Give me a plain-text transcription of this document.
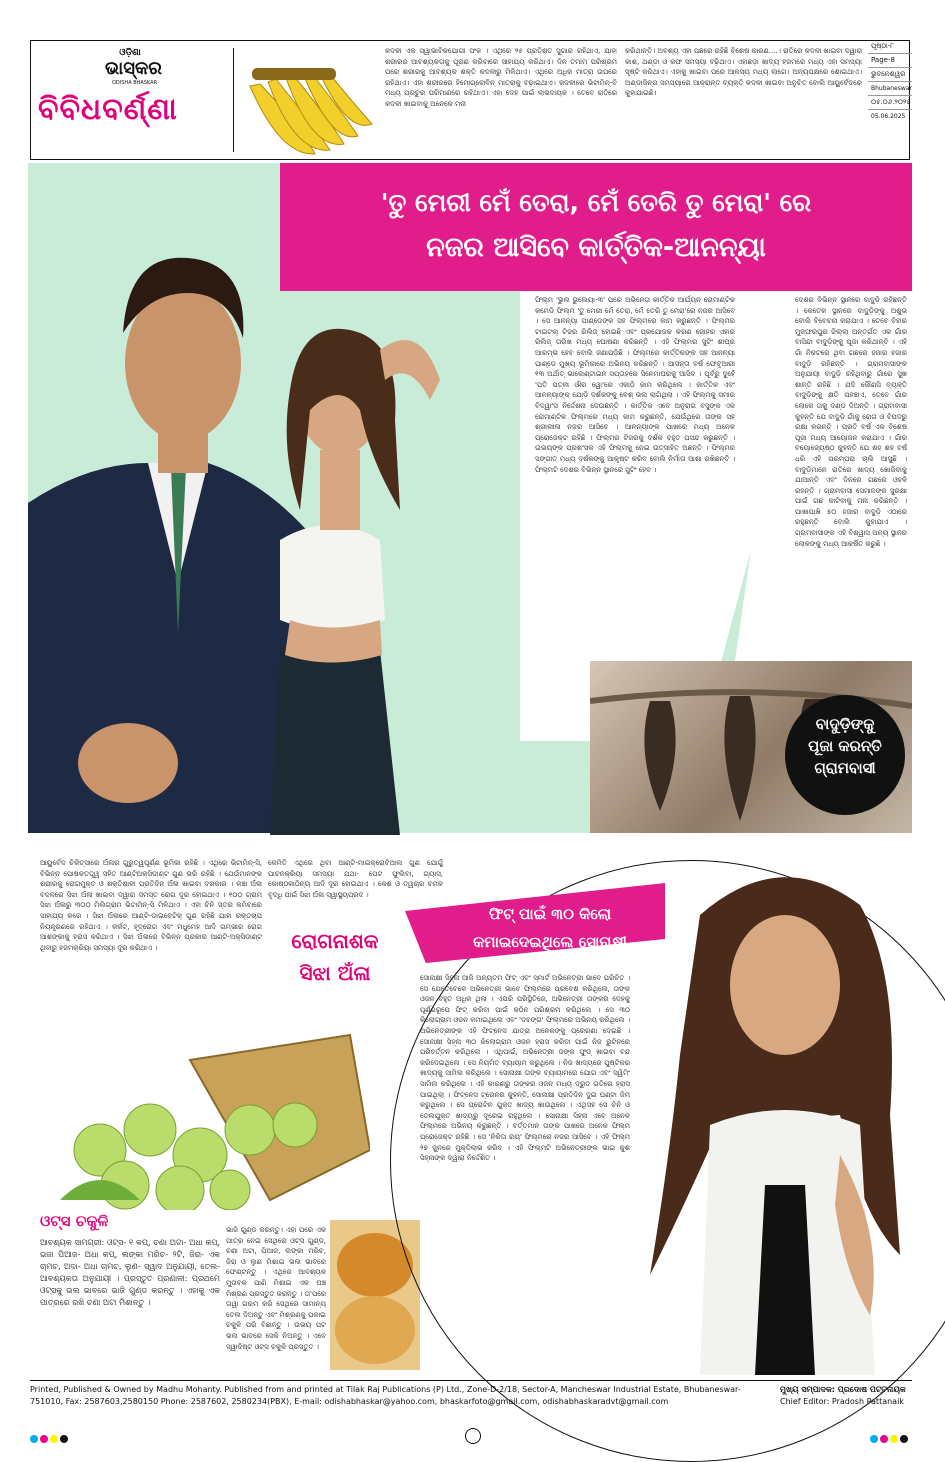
ଓଡ଼ିଶା
ଭାସ୍କର
ODISHA BHASKAR
ବିବିଧବର୍ଣ୍ଣା
କଦଳୀ ଏକ ସ୍ୱାଭାବିକଯୋଗୀ ଫଳ । ଏଥିରେ ୨୫ ପ୍ରତିଶତ ସୁଗାର ରହିଥାଏ, ଯାହା ଶରୀରର ଆବଶ୍ୟକତାକୁ ପୂରଣ କରିବାରେ ସାହାଯ୍ୟ କରିଥାଏ। ଦିନ ତମାମ ପରିଶ୍ରମ ପରେ ଶରୀରକୁ ଆବଶ୍ୟକ ଶକ୍ତି କଦଳୀରୁ ମିଳିଥାଏ। ଏଥିରେ ଅଧିକ ମାତ୍ରା ଉପରେ ରହିଥାଏ। ଏହା ଶରୀରରେ ହିମୋଗ୍ଲୋବିନ୍ ମାତ୍ରାକୁ ବଢ଼ାଇଥାଏ। କଦଳୀରେ ଭିଟାମିନ୍-ବି ମଧ୍ୟ ପ୍ରଚୁର ପରିମାଣରେ ରହିଥାଏ। ଏହା ଦେହ ପାଇଁ ଲାଭଦାୟକ । ତେବେ ରାତିରେ କଦଳୀ ଖାଇବାକୁ ଅନେକେ ମନା
କରିଥାନ୍ତି। ଅବଶ୍ୟ ଏହା ପଛରେ ରହିଛି ବିଶେଷ କାରଣ....। ରାତିରେ କଦଳୀ ଖାଇବା ଦ୍ୱାରା କାଶ, ଥଣ୍ଡା ଓ କଫ ସମସ୍ୟା ବଢ଼ିଥାଏ। ଏହାଛଡ଼ା ଖାଦ୍ୟ ହଜମରେ ମଧ୍ୟ ଏହା ସମସ୍ୟା ସୃଷ୍ଟି କରିଥାଏ। ଏହାକୁ ଖାଇବା ପରେ ଆଳସ୍ୟ ମଧ୍ୟ ଲାଗେ। ଅନ୍ୟପକ୍ଷରେ ଶୋଇଥାଏ। ଅଣ୍ଡାଜିନ୍‌ର ସମସ୍ୟାରେ ଆକ୍ରାନ୍ତ ବ୍ୟକ୍ତି କଦଳୀ ଖାଇବା ଅନୁଚିତ ବୋଲି ଆୟୁର୍ବେଦରେ କୁହାଯାଇଛି।
ପୃଷ୍ଠା-୮
Page-8
ଭୁବନେଶ୍ୱର
Bhubaneswar
୦୫.୦୬.୨୦୨୫
05.06.2025
'ତୁ ମେରୀ ମେଁ ତେରା, ମେଁ ତେରି ତୁ ମେରା' ରେ
ନଜର ଆସିବେ କାର୍ତ୍ତିକ-ଆନନ୍ୟା
ଫିଲ୍ମ 'ଭୁଲ ଭୁଲେୟା-୩' ପରେ ଅଭିନେତା କାର୍ତ୍ତିକ ଆର୍ଯ୍ୟନ ରୋମାଣ୍ଟିକ କମେଡି ଫିଲ୍ମ 'ତୁ ମେରୀ ମେଁ ତେରା, ମେଁ ତେରି ତୁ ମେରା'ରେ ନଜର ଆସିବେ । ସେ ଆନନ୍ୟା ପାଣ୍ଡେଙ୍କ ସହ ଫିଲ୍ମରେ କାମ କରୁଛନ୍ତି । ଫିଲ୍ମର ଟାଇଟଲ୍ ଟିଜର ରିଲିଜ୍ ହୋଇଛି ଏବଂ ପ୍ରଯୋଜକ କରଣ ଜୋହର ଏହାର ରିଲିଜ୍ ତାରିଖ ମଧ୍ୟ ଘୋଷଣା କରିଛନ୍ତି । ଏହି ଫିଲ୍ମର ସୁଟିଂ ଶୀଘ୍ର ଆରମ୍ଭ ହେବ ବୋଲି ଜଣାପଡ଼ିଛି । ଫିଲ୍ମରେ କାର୍ତ୍ତିକଙ୍କ ସହ ଆନନ୍ୟା ପାଣ୍ଡେ ମୁଖ୍ୟ ଭୂମିକାରେ ଅଭିନୟ କରିଛନ୍ତି । ଆସନ୍ତା ବର୍ଷ ଫେବୃଆରୀ ୧୩ ଅର୍ଥାତ୍ ଭାଲେଣ୍ଟାଇନ ସପ୍ତାହରେ ସିନେମାଘରକୁ ଆସିବ । ପୂର୍ବରୁ ଦୁହେଁ 'ପତି ପତ୍ନୀ ଔର ୱୋ'ରେ ଏକାଠି କାମ କରିଥିଲେ । କାର୍ତ୍ତିକ ଏବଂ ଆନନ୍ୟାଙ୍କ ଯୋଡ଼ି ଦର୍ଶକଙ୍କୁ ବେଶ୍ ଭଲ ଲାଗିଥିଲା । ଏହି ଫିଲ୍ମକୁ ସମୀର ବିଦ୍ୱାଂସ ନିର୍ଦ୍ଦେଶନା ଦେଉଛନ୍ତି । କାର୍ତ୍ତିକ ଏବେ ଅନୁରାଗ ବସୁଙ୍କ ଏକ ରୋମାଣ୍ଟିକ ଫିଲ୍ମରେ ମଧ୍ୟ କାମ କରୁଛନ୍ତି, ଯେଉଁଥିରେ ତାଙ୍କ ସହ ଶ୍ରୀଲୀଳା ନଜର ଆସିବେ । ଆନନ୍ୟାଙ୍କ ପାଖରେ ମଧ୍ୟ ଅନେକ ପ୍ରୋଜେକ୍ଟ ରହିଛି । ଫିଲ୍ମର ଟିଜରକୁ ଦର୍ଶକ ବହୁତ ପସନ୍ଦ କରୁଛନ୍ତି । ଉଭୟଙ୍କ ପ୍ରଶଂସକ ଏହି ଫିଲ୍ମକୁ ନେଇ ଉତ୍ସାହିତ ଅଛନ୍ତି । ଫିଲ୍ମର ସଙ୍ଗୀତ ମଧ୍ୟ ଦର୍ଶକଙ୍କୁ ଆକୃଷ୍ଟ କରିବ ବୋଲି ନିର୍ମାତା ଆଶା ରଖିଛନ୍ତି । ଫିଲ୍ମଟି ଦେଶର ବିଭିନ୍ନ ସ୍ଥାନରେ ସୁଟିଂ ହେବ ।
ଦେଶର ବିଭିନ୍ନ ସ୍ଥାନରେ ବାଦୁଡ଼ି ରହିଛନ୍ତି । କେତେକ ସ୍ଥାନରେ ବାଦୁଡ଼ିଙ୍କୁ ଅଶୁଭ ବୋଲି ବିବେଚନା କରାଯାଏ । ତେବେ ବିହାର ମୁଜଫରପୁର ଜିଲ୍ଲା ଅନ୍ତର୍ଗତ ଏକ ଗାଁର ବାସିନ୍ଦା ବାଦୁଡ଼ିଙ୍କୁ ପୂଜା କରିଥାନ୍ତି । ଏହି ଗାଁ ନିକଟରେ ଥିବା ଗଛରେ ହଜାର ହଜାର ବାଦୁଡ଼ି ରହିଛନ୍ତି । ଗ୍ରାମବାସୀଙ୍କ ଅନୁଯାୟୀ ବାଦୁଡ଼ି ରହିଥିବାରୁ ଗାଁରେ ସୁଖ ଶାନ୍ତି ରହିଛି । ଯଦି କୌଣସି ବ୍ୟକ୍ତି ବାଦୁଡ଼ିଙ୍କୁ କ୍ଷତି ପହଞ୍ଚାଏ, ତେବେ ଗାଁର ଲୋକେ ତାକୁ ଦଣ୍ଡ ଦିଅନ୍ତି । ଗ୍ରାମବାସୀ କୁହନ୍ତି ଯେ ବାଦୁଡ଼ି ଗାଁକୁ ରୋଗ ଓ ବିପଦରୁ ରକ୍ଷା କରନ୍ତି । ପ୍ରତି ବର୍ଷ ଏକ ବିଶେଷ ପୂଜା ମଧ୍ୟ ଆୟୋଜନ କରାଯାଏ । ଗାଁର ବୟୋଜ୍ୟେଷ୍ଠ କୁହନ୍ତି ଯେ ଶହ ଶହ ବର୍ଷ ଧରି ଏହି ପରମ୍ପରା ଚାଲି ଆସୁଛି । ବାଦୁଡ଼ିମାନେ ରାତିରେ ଖାଦ୍ୟ ଖୋଜିବାକୁ ଯାଆନ୍ତି ଏବଂ ଦିନରେ ଗଛରେ ଓହଳି ରହନ୍ତି । ଗ୍ରାମବାସୀ ସେମାନଙ୍କ ସୁରକ୍ଷା ପାଇଁ ଗଛ କାଟିବାକୁ ମନା କରିଛନ୍ତି । ପାଖାପାଖି ୫୦ ହଜାର ବାଦୁଡ଼ି ଏଠାରେ ରହୁଛନ୍ତି ବୋଲି କୁହାଯାଏ । ଗ୍ରାମବାସୀଙ୍କ ଏହି ବିଶ୍ୱାସ ଅନ୍ୟ ସ୍ଥାନର ଲୋକଙ୍କୁ ମଧ୍ୟ ଆକର୍ଷିତ କରୁଛି ।
ବାଦୁଡ଼ିଙ୍କୁ
ପୂଜା କରନ୍ତି
ଗ୍ରାମବାସୀ
ଆୟୁର୍ବେଦ ଚିକିତ୍ସାରେ ଅଁଳାର ଗୁରୁତ୍ୱପୂର୍ଣ୍ଣ ଭୂମିକା ରହିଛି । ଏଥିରେ ଭିଟାମିନ୍-ସି, ବିଭିନ୍ନ ପୋଷକତତ୍ତ୍ୱ ସହିତ ଆଣ୍ଟିଅକ୍ସିଡାଣ୍ଟ ଗୁଣ ଭରି ରହିଛି । ଯେଉଁମାନଙ୍କ ଶରୀରକୁ ରୋଗମୁକ୍ତ ଓ ଶକ୍ତିଶାଳୀ ପ୍ରତିଦିନ ଅଁଳା ଖାଇବା ଦରକାର । କଞ୍ଚା ଅଁଳା ବଦଳରେ ସିଝା ଅଁଳା ଖାଇବା ଦ୍ୱାରା ସମସ୍ତ ରୋଗ ଦୂର ହୋଇଥାଏ । ୧୦୦ ଗ୍ରାମ ସିଝା ଅଁଳାରୁ ୩୦୦ ମିଲିଗ୍ରାମ ଭିଟାମିନ୍-ସି ମିଳିଥାଏ । ଏହା ଚିନି ସ୍ତର କମିବାରେ ସାହାଯ୍ୟ କରେ । ସିଝା ଅଁଳାରେ ଆଣ୍ଟି-ଡାଇବେଟିକ୍ ଗୁଣ ରହିଛି ଯାହା ରକ୍ତଚାପ ନିୟନ୍ତ୍ରଣରେ ରହିଥାଏ । କର୍କଟ, ହୃଦ୍‌ରୋଗ ଏବଂ ମଧୁମେହ ଆଦି ଗମ୍ଭୀର ରୋଗ ଆଶଙ୍କାକୁ ହ୍ରାସ କରିଥାଏ । ସିଝା ଅଁଳାରେ ବିଭିନ୍ନ ପ୍ରକାର ଆଣ୍ଟି-ଅକ୍ସିଡାଣ୍ଟ ଥିବାରୁ ହଜମକ୍ରିୟା ସମସ୍ୟା ଦୂର କରିଥାଏ ।
କେମିତି ଏଥିରେ ଥିବା ଆଣ୍ଟି-ମାଇକ୍ରୋବିଆଲ ଗୁଣ ଯୋଗୁଁ ପାଚନକ୍ରିୟା ସମସ୍ୟା ଯଥା- ପେଟ ଫୁଲିବା, ଗ୍ୟାସ, କୋଷ୍ଠକାଠିନ୍ୟ ଆଦି ଦୂର ହୋଇଥାଏ । କେଶ ଓ ତ୍ୱଚାର ଚମକ ବୃଦ୍ଧି ପାଇଁ ସିଝା ଅଁଳା ସ୍ୱାସ୍ଥ୍ୟପ୍ରଦ ।
ରୋଗନାଶକ
ସିଝା ଅଁଳା
ଓଟ୍ସ ଚକୁଳି
ଆବଶ୍ୟକ ସାମଗ୍ରୀ: ଓଟ୍ସ- ୧ କପ୍, ଚଣା ଅଟା- ଅଧା କପ୍, ଭଜା ପିଆଜ- ଅଧା କପ୍, ଲଙ୍କା ମରିଚ- ୨ଟି, ଜିରା- ଏକ ଚାମଚ, ଅଦା- ଅଧା ଚାମଚ, ଲୁଣ- ସ୍ୱାଦ ଅନୁଯାୟୀ, ତେଲ- ଆବଶ୍ୟକତା ଅନୁଯାୟୀ । ପ୍ରସ୍ତୁତ ପ୍ରଣାଳୀ: ପ୍ରଥମେ ଓଟ୍ସକୁ ଭଲ ଭାବରେ ଭାଜି ଗୁଣ୍ଡ କରନ୍ତୁ । ଏହାକୁ ଏକ ପାତ୍ରରେ ରଖି ଚଣା ଅଟା ମିଶାନ୍ତୁ ।
ଭାଜି ଗୁଣ୍ଡ କରନ୍ତୁ। ଏହା ପରେ ଏକ ପାତ୍ର ନେଇ ସେଥିରେ ଓଟ୍ସ ଗୁଣ୍ଡ, ଚଣା ଅଟା, ପିଆଜ, ଲଙ୍କା ମରିଚ, ଜିରା ଓ ଲୁଣ ମିଶାଇ ଭଲ ଭାବରେ ଫେଣ୍ଟନ୍ତୁ । ଏଥିରେ ଆବଶ୍ୟକ ମୁତାବକ ପାଣି ମିଶାଇ ଏକ ଘଞ୍ଚ ମିଶ୍ରଣ ପ୍ରସ୍ତୁତ କରନ୍ତୁ । ତା'ପରେ ତାୱା ଗରମ କରି ସେଥିରେ ସାମାନ୍ୟ ତେଲ ଦିଅନ୍ତୁ ଏବଂ ମିଶ୍ରଣକୁ ପକାଇ ଚକୁଳି ପରି ବିଛାନ୍ତୁ । ଉଭୟ ପଟ ଭଲ ଭାବରେ ସେକି ନିଅନ୍ତୁ । ଏବେ ସ୍ୱାଦିଷ୍ଟ ଓଟ୍ସ ଚକୁଳି ପ୍ରସ୍ତୁତ ।
ଫିଟ୍ ପାଇଁ ୩୦ କିଲୋ
କମାଇଦେଇଥିଲେ ସୋନାକ୍ଷୀ
ସୋନାକ୍ଷୀ ସିହ୍ନା ଆଜି ଅନ୍ୟତମ ଫିଟ୍ ଏବଂ ସ୍ମାର୍ଟ ଅଭିନେତ୍ରୀ ଭାବେ ପରିଚିତ । ସେ ଯେତେବେଳେ ଅଭିନେତ୍ରୀ ଭାବେ ଫିଲ୍ମରେ ପ୍ରବେଶ କରିଥିଲେ, ତାଙ୍କ ଓଜନ ବହୁତ ଅଧିକ ଥିଲା । ଏପରି ପରିସ୍ଥିତିରେ, ଅଭିନେତ୍ରୀ ତାଙ୍କର ଦେହକୁ ପୂର୍ଣ୍ଣରୂପେ ଫିଟ୍ କରିବା ପାଇଁ କଠିନ ପରିଶ୍ରମ କରିଥିଲେ । ସେ ୩୦ କିଲୋଗ୍ରାମ ଓଜନ କମାଇଥିଲେ ଏବଂ 'ଦବଙ୍ଗ' ଫିଲ୍ମରେ ଅଭିନୟ କରିଥିଲେ । ଅଭିନେତ୍ରୀଙ୍କ ଏହି ଫିଟ୍‌ନେସ ଯାତ୍ରା ଅନେକଙ୍କୁ ପ୍ରେରଣା ଦେଇଛି । ସୋନାକ୍ଷୀ ସିହ୍ନା ୩୦ କିଲୋଗ୍ରାମ ଓଜନ ହ୍ରାସ କରିବା ପାଇଁ ନିଜ ରୁଟିନରେ ପରିବର୍ତ୍ତନ କରିଥିଲେ । ଏଥିପାଇଁ, ଅଭିନେତ୍ରୀ ଜଙ୍କ ଫୁଡ୍ ଖାଇବା ବନ୍ଦ କରିଦେଇଥିଲେ । ସେ ନିୟମିତ ବ୍ୟାୟାମ କରୁଥିଲେ । ନିଜ ଖାଦ୍ୟରେ ପୁଷ୍ଟିକର ଖାଦ୍ୟକୁ ସାମିଲ କରିଥିଲେ । ସୋନାକ୍ଷୀ ତାଙ୍କ ବ୍ୟାୟାମରେ ଯୋଗ ଏବଂ ସ୍ୱିମିଂ ସାମିଲ କରିଥିଲେ । ଏହି କାରଣରୁ ତାଙ୍କର ଓଜନ ମଧ୍ୟ ଦ୍ରୁତ ଗତିରେ ହ୍ରାସ ପାଇଥିଲା । ଫିଟ୍‌ନେସ ଟ୍ରେନର କୁହନ୍ତି, ସୋନାକ୍ଷୀ ପ୍ରତିଦିନ ଦୁଇ ଘଣ୍ଟା ଜିମ୍ କରୁଥିଲେ । ସେ ପ୍ରୋଟିନ ଯୁକ୍ତ ଖାଦ୍ୟ ଖାଉଥିଲେ । ଏଥିସହ ସେ ଚିନି ଓ ତେଲଯୁକ୍ତ ଖାଦ୍ୟରୁ ଦୂରେଇ ରହୁଥିଲେ । ସୋନାକ୍ଷୀ ସିହ୍ନା ଏବେ ଅନେକ ଫିଲ୍ମରେ ଅଭିନୟ କରୁଛନ୍ତି । ବର୍ତ୍ତମାନ ତାଙ୍କ ପାଖରେ ଅନେକ ଫିଲ୍ମ ପ୍ରୋଜେକ୍ଟ ରହିଛି । ସେ 'ନିକିତା ରୟ' ଫିଲ୍ମରେ ନଜର ଆସିବେ । ଏହି ଫିଲ୍ମ ୨୭ ଜୁନରେ ମୁକ୍ତିଲାଭ କରିବ । ଏହି ଫିଲ୍ମଟି ଅଭିନେତ୍ରୀଙ୍କ ଭାଇ କୁଶ ସିହ୍ନାଙ୍କ ଦ୍ୱାରା ନିର୍ଦ୍ଦେଶିତ ।
Printed, Published & Owned by Madhu Mohanty. Published from and printed at Tilak Raj Publications (P) Ltd., Zone-D-2/18, Sector-A, Mancheswar Industrial Estate, Bhubaneswar-751010, Fax: 2587603,2580150 Phone: 2587602, 2580234(PBX), E-mail: odishabhaskar@yahoo.com, bhaskarfoto@gmail.com, odishabhaskaradvt@gmail.com
ମୁଖ୍ୟ ସମ୍ପାଦକ: ପ୍ରଦୋଷ ପଟ୍ଟନାୟକ
Chief Editor: Pradosh Pattanaik
